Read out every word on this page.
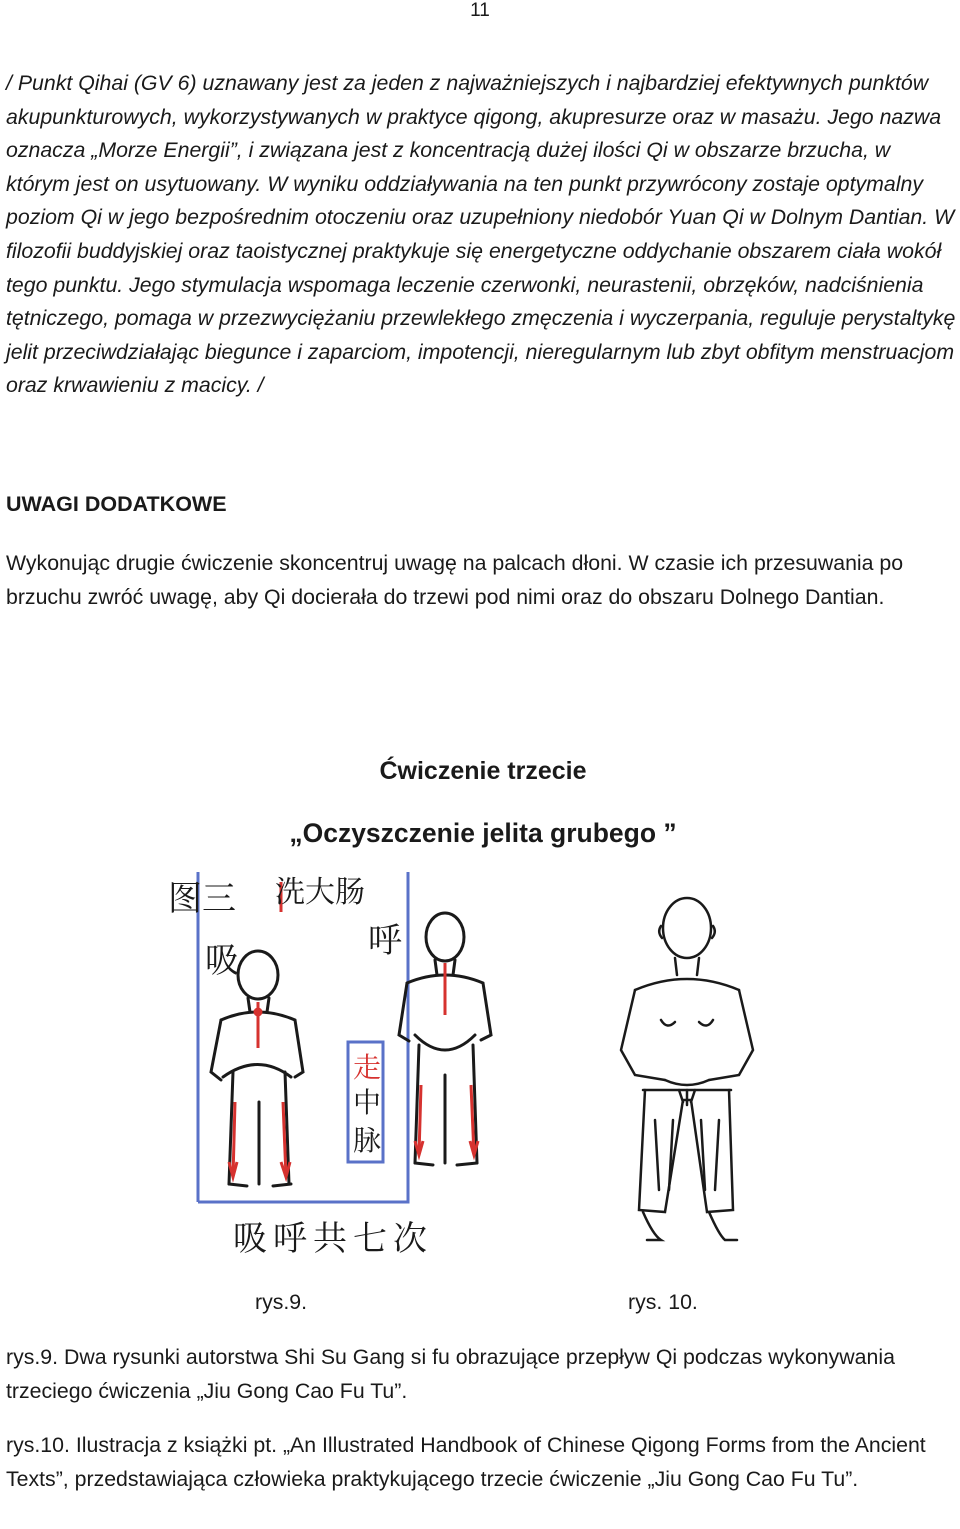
11

/ Punkt Qihai (GV 6) uznawany jest za jeden z najważniejszych i najbardziej efektywnych punktów akupunkturowych, wykorzystywanych w praktyce qigong, akupresurze oraz w masażu. Jego nazwa oznacza „Morze Energii”, i związana jest z koncentracją dużej ilości Qi w obszarze brzucha, w którym jest on usytuowany. W wyniku oddziaływania na ten punkt przywrócony zostaje optymalny poziom Qi w jego bezpośrednim otoczeniu oraz uzupełniony niedobór Yuan Qi w Dolnym Dantian. W filozofii buddyjskiej oraz taoistycznej praktykuje się energetyczne oddychanie obszarem ciała wokół tego punktu. Jego stymulacja wspomaga leczenie czerwonki, neurastenii, obrzęków, nadciśnienia tętniczego, pomaga w przezwyciężaniu przewlekłego zmęczenia i wyczerpania, reguluje perystaltykę jelit przeciwdziałając biegunce i zaparciom, impotencji, nieregularnym lub zbyt obfitym menstruacjom oraz krwawieniu z macicy. /

UWAGI DODATKOWE

Wykonując drugie ćwiczenie skoncentruj uwagę na palcach dłoni. W czasie ich przesuwania po brzuchu zwróć uwagę, aby Qi docierała do trzewi pod nimi oraz do obszaru Dolnego Dantian.

Ćwiczenie trzecie
„Oczyszczenie jelita grubego ”
图三 洗大肠
吸	呼
走
中
脉
吸呼共七次
rys.9.	rys. 10.

rys.9. Dwa rysunki autorstwa Shi Su Gang si fu obrazujące przepływ Qi podczas wykonywania trzeciego ćwiczenia „Jiu Gong Cao Fu Tu”.

rys.10. Ilustracja z książki pt. „An Illustrated Handbook of Chinese Qigong Forms from the Ancient Texts”, przedstawiająca człowieka praktykującego trzecie ćwiczenie „Jiu Gong Cao Fu Tu”.
